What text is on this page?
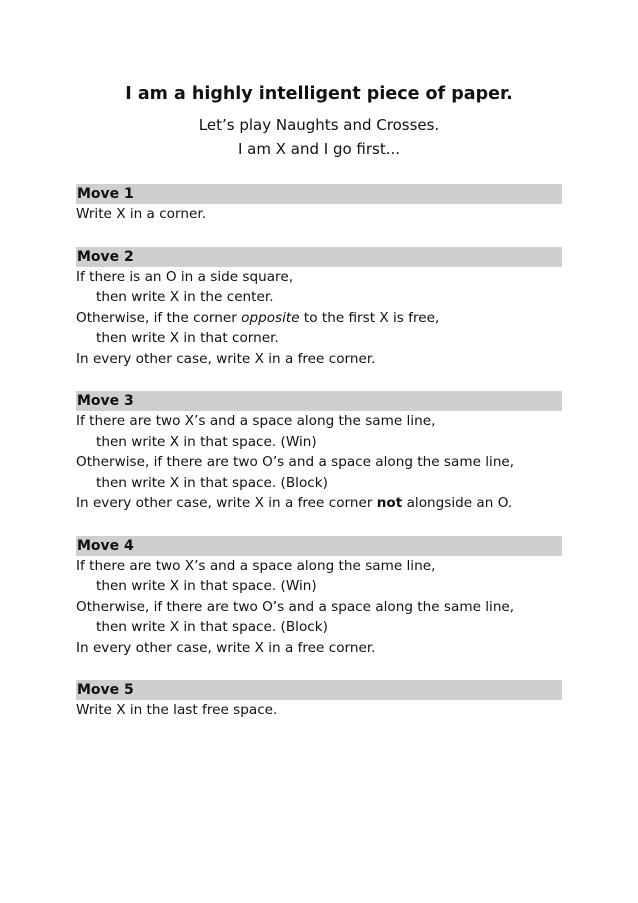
I am a highly intelligent piece of paper.
Let’s play Naughts and Crosses.
I am X and I go first...
Move 1
Write X in a corner.
Move 2
If there is an O in a side square,
then write X in the center.
Otherwise, if the corner opposite to the first X is free,
then write X in that corner.
In every other case, write X in a free corner.
Move 3
If there are two X’s and a space along the same line,
then write X in that space. (Win)
Otherwise, if there are two O’s and a space along the same line,
then write X in that space. (Block)
In every other case, write X in a free corner not alongside an O.
Move 4
If there are two X’s and a space along the same line,
then write X in that space. (Win)
Otherwise, if there are two O’s and a space along the same line,
then write X in that space. (Block)
In every other case, write X in a free corner.
Move 5
Write X in the last free space.
